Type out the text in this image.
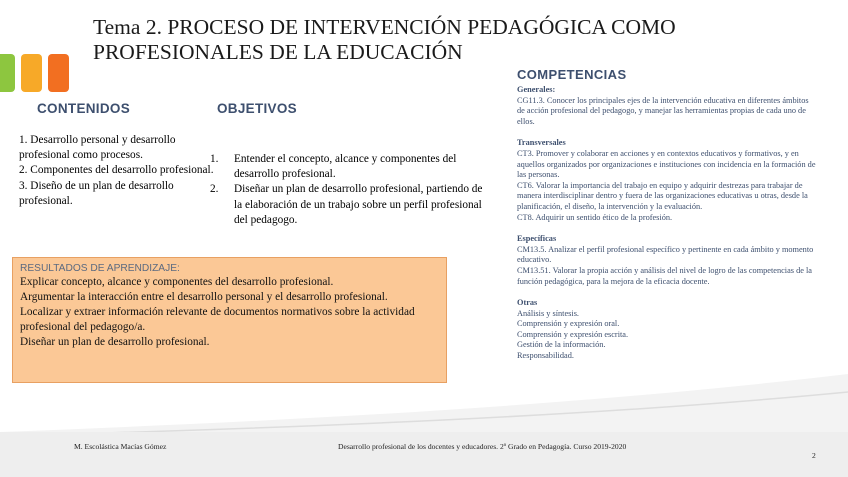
Tema 2. PROCESO DE INTERVENCIÓN PEDAGÓGICA COMO PROFESIONALES DE LA EDUCACIÓN
CONTENIDOS
1. Desarrollo personal y desarrollo profesional como procesos.
2. Componentes del desarrollo profesional.
3. Diseño de un plan de desarrollo profesional.
OBJETIVOS
1.	Entender el concepto, alcance y componentes del desarrollo profesional.
2.	Diseñar un plan de desarrollo profesional, partiendo de la elaboración de un trabajo sobre un perfil profesional del pedagogo.
RESULTADOS DE APRENDIZAJE:
Explicar concepto, alcance y componentes del desarrollo profesional.
Argumentar la interacción entre el desarrollo personal y el desarrollo profesional.
Localizar y extraer información relevante de documentos normativos sobre la actividad profesional del pedagogo/a.
Diseñar un plan de desarrollo profesional.
COMPETENCIAS
Generales:
CG11.3. Conocer los principales ejes de la intervención educativa en diferentes ámbitos de acción profesional del pedagogo, y manejar las herramientas propias de cada uno de ellos.
Transversales
CT3. Promover y colaborar en acciones y en contextos educativos y formativos, y en aquellos organizados por organizaciones e instituciones con incidencia en la formación de las personas.
CT6. Valorar la importancia del trabajo en equipo y adquirir destrezas para trabajar de manera interdisciplinar dentro y fuera de las organizaciones educativas u otras, desde la planificación, el diseño, la intervención y la evaluación.
CT8. Adquirir un sentido ético de la profesión.
Específicas
CM13.5. Analizar el perfil profesional específico y pertinente en cada ámbito y momento educativo.
CM13.51. Valorar la propia acción y análisis del nivel de logro de las competencias de la función pedagógica, para la mejora de la eficacia docente.
Otras
Análisis y síntesis.
Comprensión y expresión oral.
Comprensión y expresión escrita.
Gestión de la información.
Responsabilidad.
M. Escolástica Macías Gómez	Desarrollo profesional de los docentes y educadores. 2º Grado en Pedagogía. Curso 2019-2020
2
